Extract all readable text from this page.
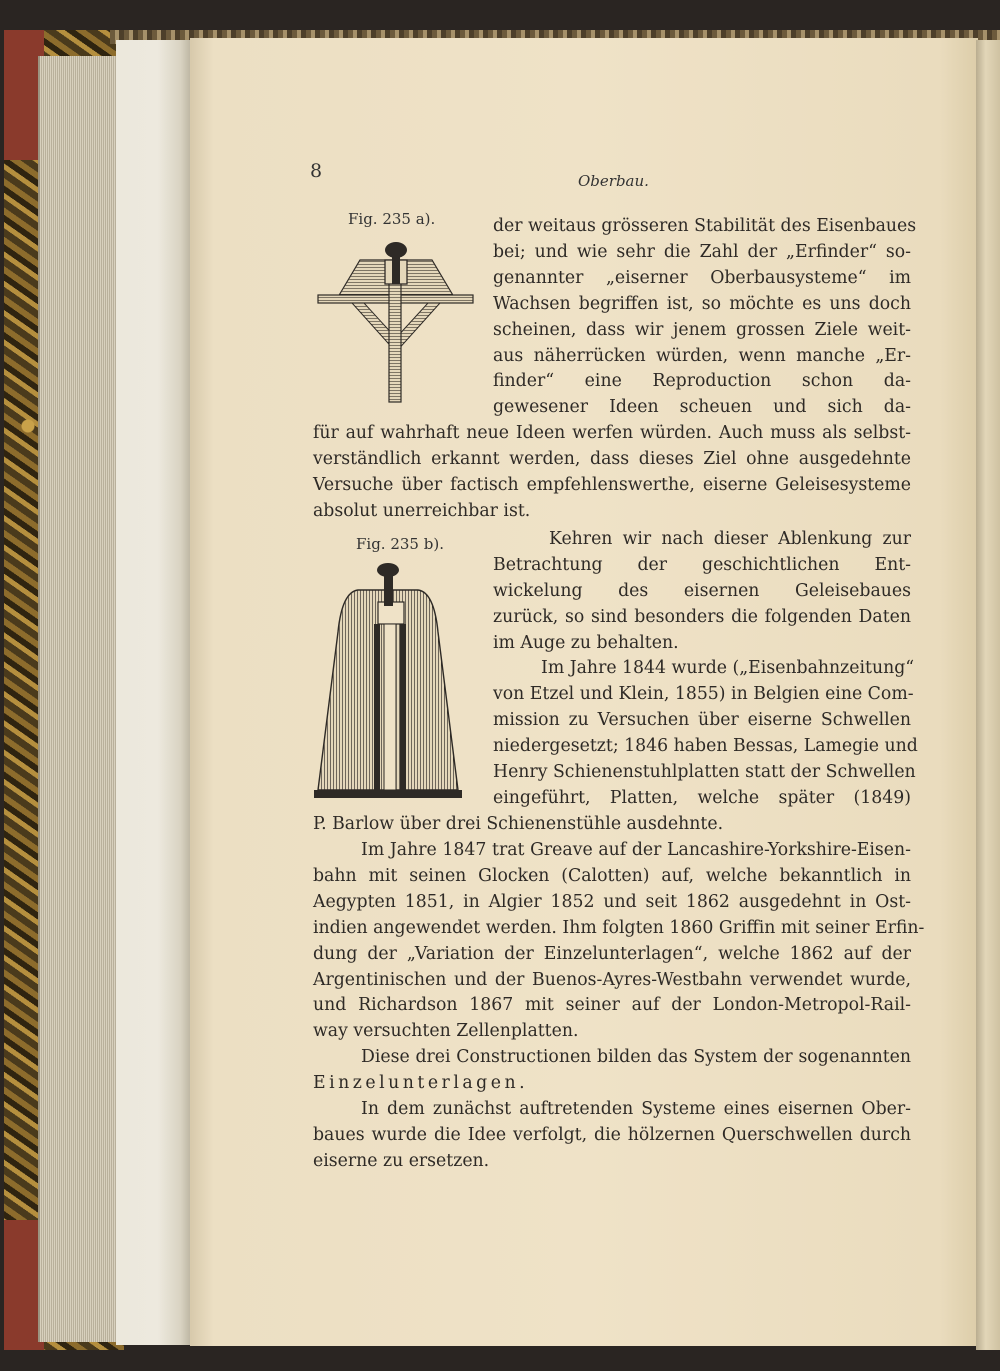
8	Oberbau.
Fig. 235 a).
Fig. 235 b).
der weitaus grösseren Stabilität des Eisenbaues
bei; und wie sehr die Zahl der „Erfinder“ so-
genannter „eiserner Oberbausysteme“ im
Wachsen begriffen ist, so möchte es uns doch
scheinen, dass wir jenem grossen Ziele weit-
aus näherrücken würden, wenn manche „Er-
finder“ eine Reproduction schon da-
gewesener Ideen scheuen und sich da-
für auf wahrhaft neue Ideen werfen würden. Auch muss als selbst-
verständlich erkannt werden, dass dieses Ziel ohne ausgedehnte
Versuche über factisch empfehlenswerthe, eiserne Geleisesysteme
absolut unerreichbar ist.
Kehren wir nach dieser Ablenkung zur
Betrachtung der geschichtlichen Ent-
wickelung des eisernen Geleisebaues
zurück, so sind besonders die folgenden Daten
im Auge zu behalten.
Im Jahre 1844 wurde („Eisenbahnzeitung“
von Etzel und Klein, 1855) in Belgien eine Com-
mission zu Versuchen über eiserne Schwellen
niedergesetzt; 1846 haben Bessas, Lamegie und
Henry Schienenstuhlplatten statt der Schwellen
eingeführt, Platten, welche später (1849)
P. Barlow über drei Schienenstühle ausdehnte.
Im Jahre 1847 trat Greave auf der Lancashire-Yorkshire-Eisen-
bahn mit seinen Glocken (Calotten) auf, welche bekanntlich in
Aegypten 1851, in Algier 1852 und seit 1862 ausgedehnt in Ost-
indien angewendet werden. Ihm folgten 1860 Griffin mit seiner Erfin-
dung der „Variation der Einzelunterlagen“, welche 1862 auf der
Argentinischen und der Buenos-Ayres-Westbahn verwendet wurde,
und Richardson 1867 mit seiner auf der London-Metropol-Rail-
way versuchten Zellenplatten.
Diese drei Constructionen bilden das System der sogenannten
Einzelunterlagen.
In dem zunächst auftretenden Systeme eines eisernen Ober-
baues wurde die Idee verfolgt, die hölzernen Querschwellen durch
eiserne zu ersetzen.
